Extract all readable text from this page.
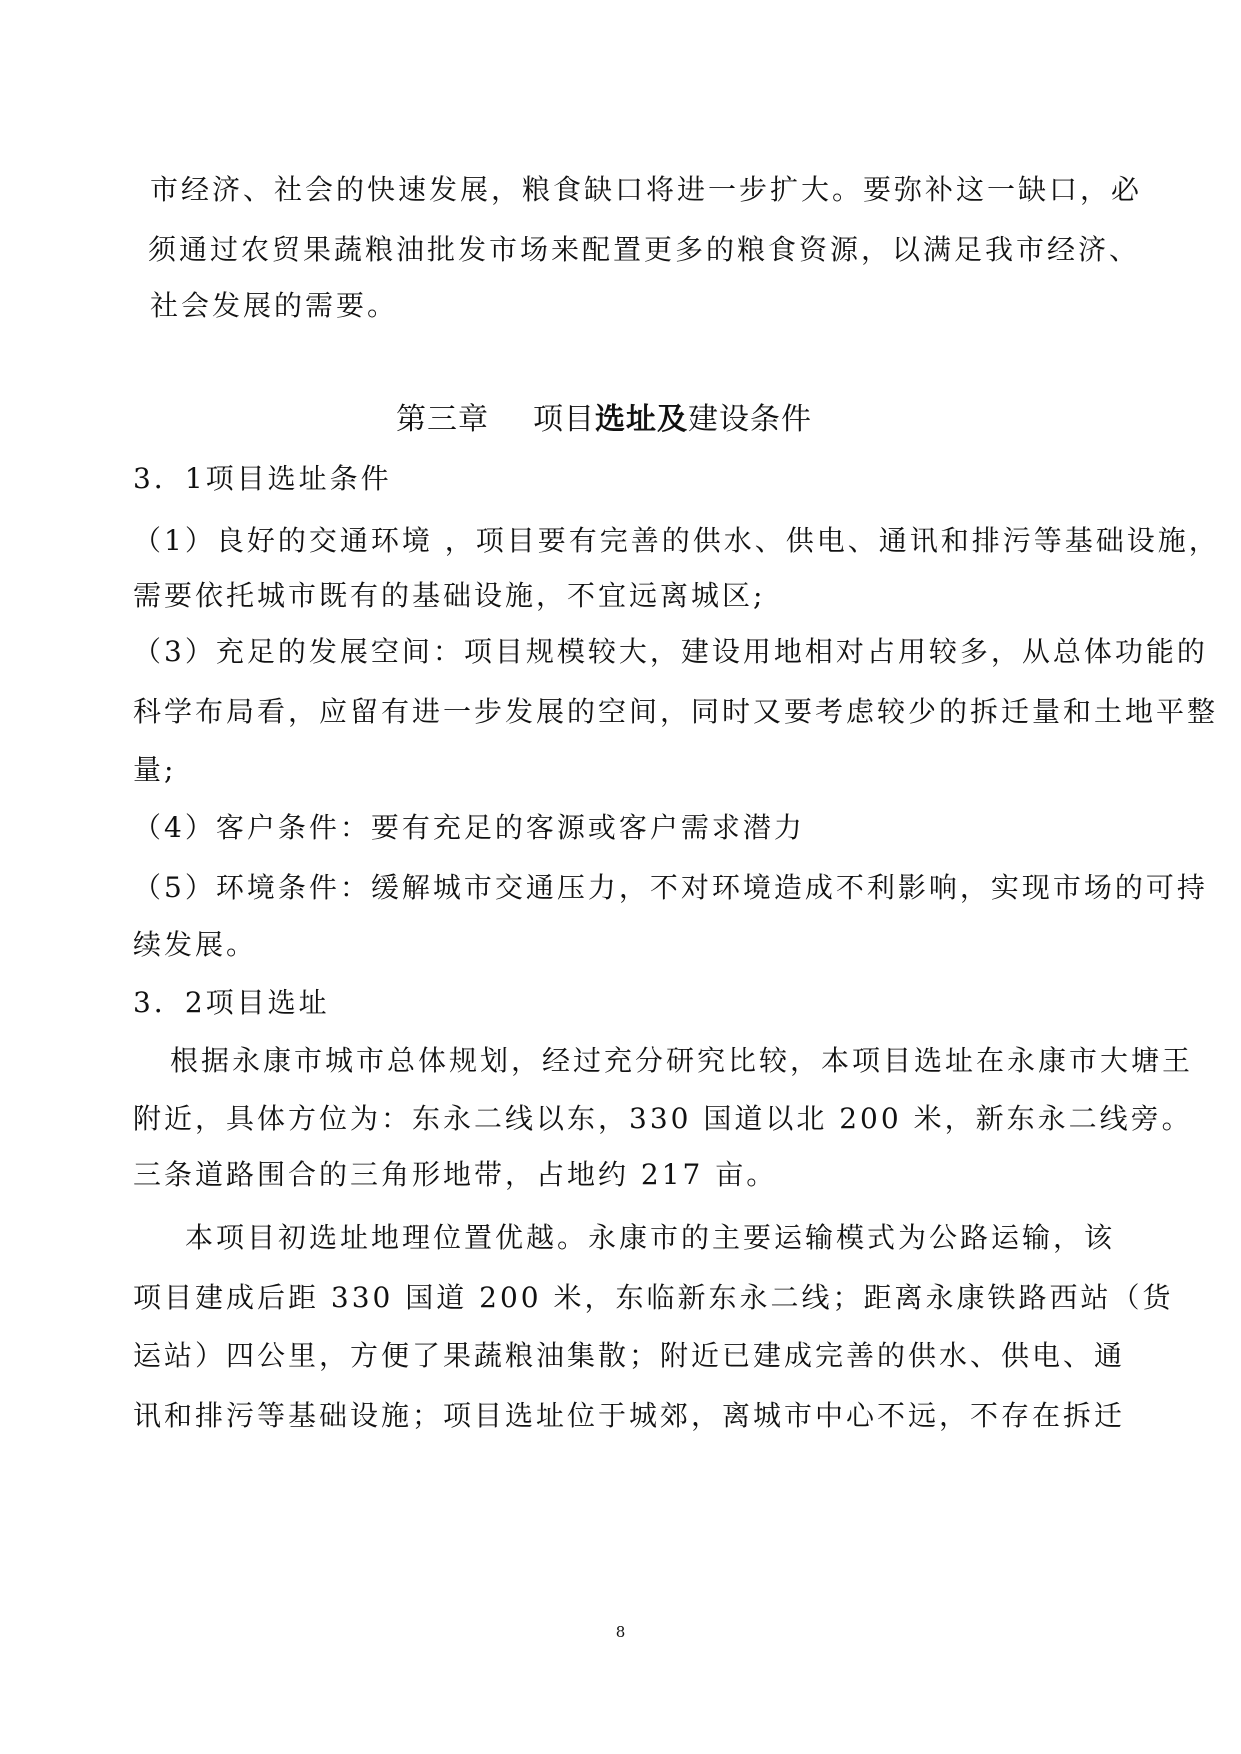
市经济、社会的快速发展，粮食缺口将进一步扩大。要弥补这一缺口，必
须通过农贸果蔬粮油批发市场来配置更多的粮食资源，以满足我市经济、
社会发展的需要。
第三章 项目选址及建设条件
3．1项目选址条件
（1）良好的交通环境 ，项目要有完善的供水、供电、通讯和排污等基础设施，
需要依托城市既有的基础设施，不宜远离城区;
（3）充足的发展空间：项目规模较大，建设用地相对占用较多，从总体功能的
科学布局看，应留有进一步发展的空间，同时又要考虑较少的拆迁量和土地平整
量;
（4）客户条件：要有充足的客源或客户需求潜力
（5）环境条件：缓解城市交通压力，不对环境造成不利影响，实现市场的可持
续发展。
3．2项目选址
根据永康市城市总体规划，经过充分研究比较，本项目选址在永康市大塘王
附近，具体方位为：东永二线以东，330 国道以北 200 米，新东永二线旁。
三条道路围合的三角形地带，占地约 217 亩。
本项目初选址地理位置优越。永康市的主要运输模式为公路运输，该
项目建成后距 330 国道 200 米，东临新东永二线；距离永康铁路西站（货
运站）四公里，方便了果蔬粮油集散；附近已建成完善的供水、供电、通
讯和排污等基础设施；项目选址位于城郊，离城市中心不远，不存在拆迁
8
